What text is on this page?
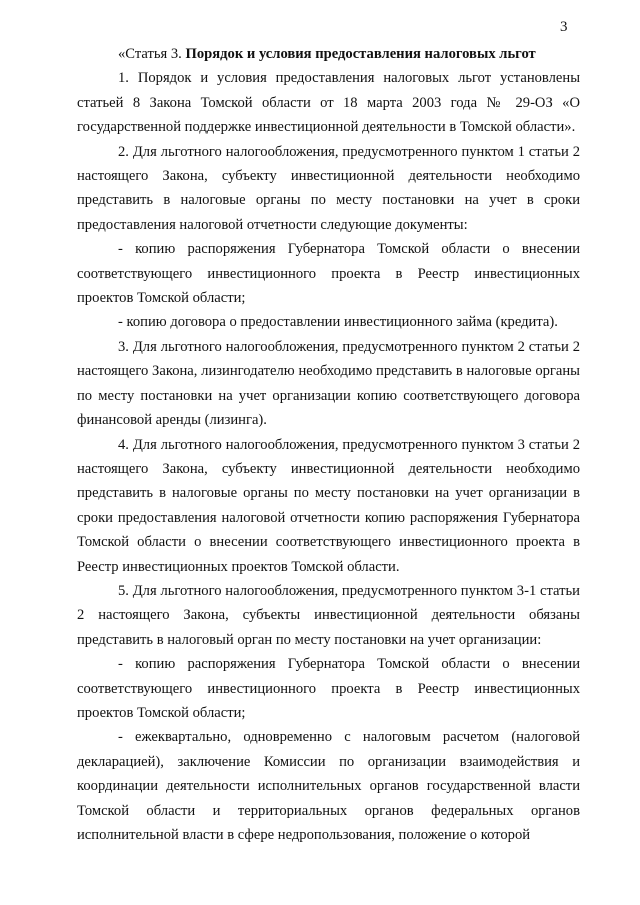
3

«Статья 3. Порядок и условия предоставления налоговых льгот

1. Порядок и условия предоставления налоговых льгот установлены статьей 8 Закона Томской области от 18 марта 2003 года № 29-ОЗ «О государственной поддержке инвестиционной деятельности в Томской области».

2. Для льготного налогообложения, предусмотренного пунктом 1 статьи 2 настоящего Закона, субъекту инвестиционной деятельности необходимо представить в налоговые органы по месту постановки на учет в сроки предоставления налоговой отчетности следующие документы:

- копию распоряжения Губернатора Томской области о внесении соответствующего инвестиционного проекта в Реестр инвестиционных проектов Томской области;

- копию договора о предоставлении инвестиционного займа (кредита).

3. Для льготного налогообложения, предусмотренного пунктом 2 статьи 2 настоящего Закона, лизингодателю необходимо представить в налоговые органы по месту постановки на учет организации копию соответствующего договора финансовой аренды (лизинга).

4. Для льготного налогообложения, предусмотренного пунктом 3 статьи 2 настоящего Закона, субъекту инвестиционной деятельности необходимо представить в налоговые органы по месту постановки на учет организации в сроки предоставления налоговой отчетности копию распоряжения Губернатора Томской области о внесении соответствующего инвестиционного проекта в Реестр инвестиционных проектов Томской области.

5. Для льготного налогообложения, предусмотренного пунктом 3-1 статьи 2 настоящего Закона, субъекты инвестиционной деятельности обязаны представить в налоговый орган по месту постановки на учет организации:

- копию распоряжения Губернатора Томской области о внесении соответствующего инвестиционного проекта в Реестр инвестиционных проектов Томской области;

- ежеквартально, одновременно с налоговым расчетом (налоговой декларацией), заключение Комиссии по организации взаимодействия и координации деятельности исполнительных органов государственной власти Томской области и территориальных органов федеральных органов исполнительной власти в сфере недропользования, положение о которой
